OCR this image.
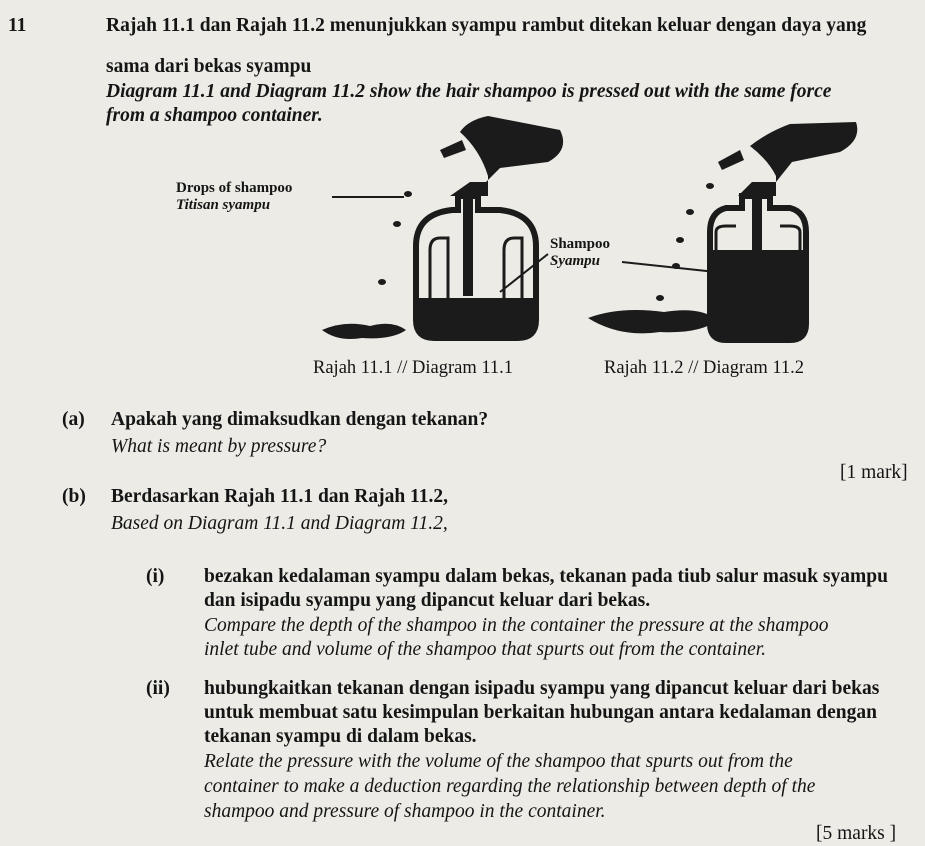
11	Rajah 11.1 dan Rajah 11.2 menunjukkan syampu rambut ditekan keluar dengan daya yang
sama dari bekas syampu
Diagram 11.1 and Diagram 11.2 show the hair shampoo is pressed out with the same force
from a shampoo container.
Drops of shampoo
Titisan syampu
Shampoo
Syampu
Rajah 11.1 // Diagram 11.1	Rajah 11.2 // Diagram 11.2
(a) Apakah yang dimaksudkan dengan tekanan?
What is meant by pressure?
[1 mark]
(b) Berdasarkan Rajah 11.1 dan Rajah 11.2,
Based on Diagram 11.1 and Diagram 11.2,
(i) bezakan kedalaman syampu dalam bekas, tekanan pada tiub salur masuk syampu
dan isipadu syampu yang dipancut keluar dari bekas.
Compare the depth of the shampoo in the container the pressure at the shampoo
inlet tube and volume of the shampoo that spurts out from the container.
(ii) hubungkaitkan tekanan dengan isipadu syampu yang dipancut keluar dari bekas
untuk membuat satu kesimpulan berkaitan hubungan antara kedalaman dengan
tekanan syampu di dalam bekas.
Relate the pressure with the volume of the shampoo that spurts out from the
container to make a deduction regarding the relationship between depth of the
shampoo and pressure of shampoo in the container.
[5 marks ]
